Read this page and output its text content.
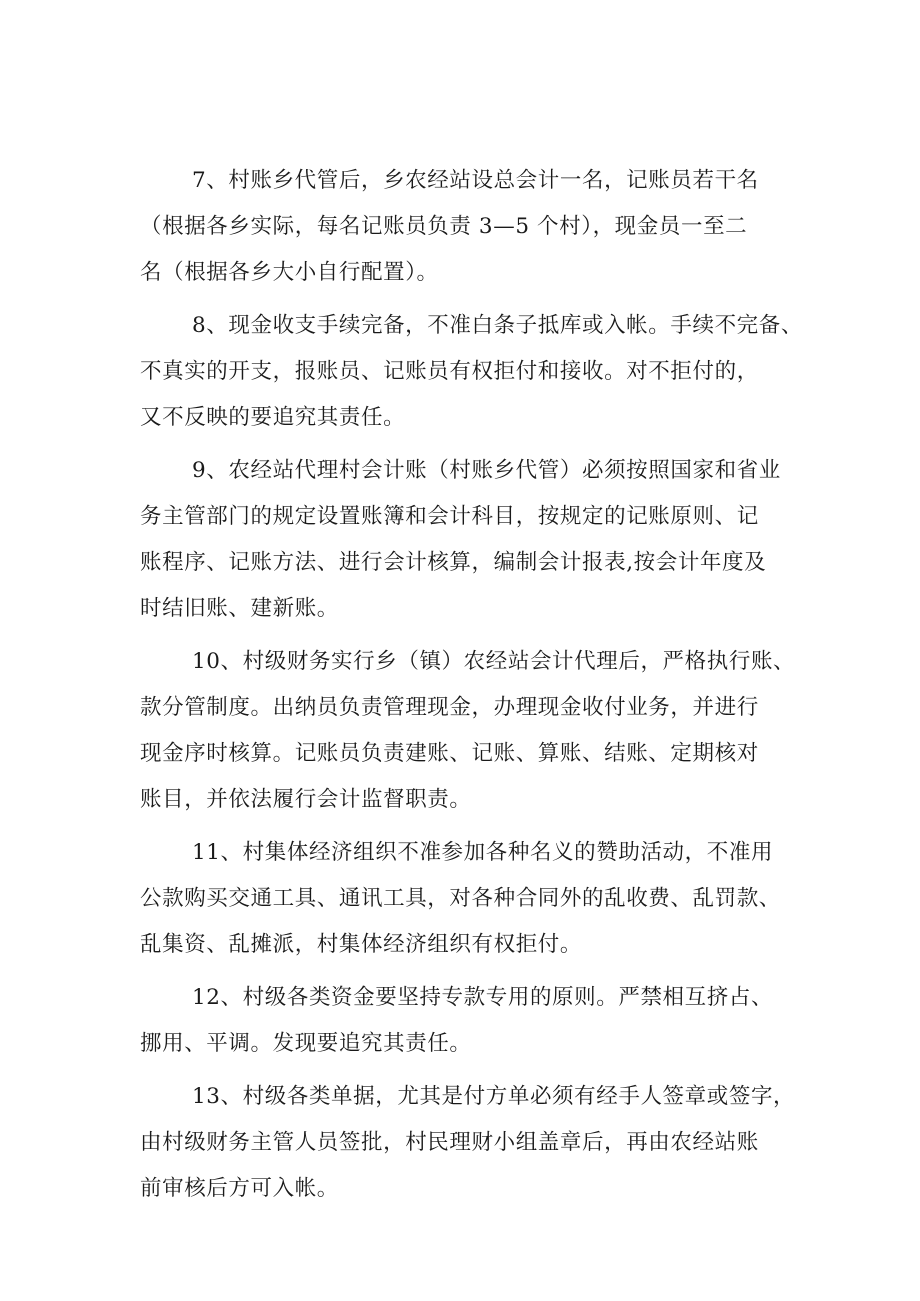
7、村账乡代管后，乡农经站设总会计一名，记账员若干名
（根据各乡实际，每名记账员负责 3—5 个村），现金员一至二
名（根据各乡大小自行配置）。
8、现金收支手续完备，不准白条子抵库或入帐。手续不完备、
不真实的开支，报账员、记账员有权拒付和接收。对不拒付的，
又不反映的要追究其责任。
9、农经站代理村会计账（村账乡代管）必须按照国家和省业
务主管部门的规定设置账簿和会计科目，按规定的记账原则、记
账程序、记账方法、进行会计核算，编制会计报表,按会计年度及
时结旧账、建新账。
10、村级财务实行乡（镇）农经站会计代理后，严格执行账、
款分管制度。出纳员负责管理现金，办理现金收付业务，并进行
现金序时核算。记账员负责建账、记账、算账、结账、定期核对
账目，并依法履行会计监督职责。
11、村集体经济组织不准参加各种名义的赞助活动，不准用
公款购买交通工具、通讯工具，对各种合同外的乱收费、乱罚款、
乱集资、乱摊派，村集体经济组织有权拒付。
12、村级各类资金要坚持专款专用的原则。严禁相互挤占、
挪用、平调。发现要追究其责任。
13、村级各类单据，尤其是付方单必须有经手人签章或签字，
由村级财务主管人员签批，村民理财小组盖章后，再由农经站账
前审核后方可入帐。
